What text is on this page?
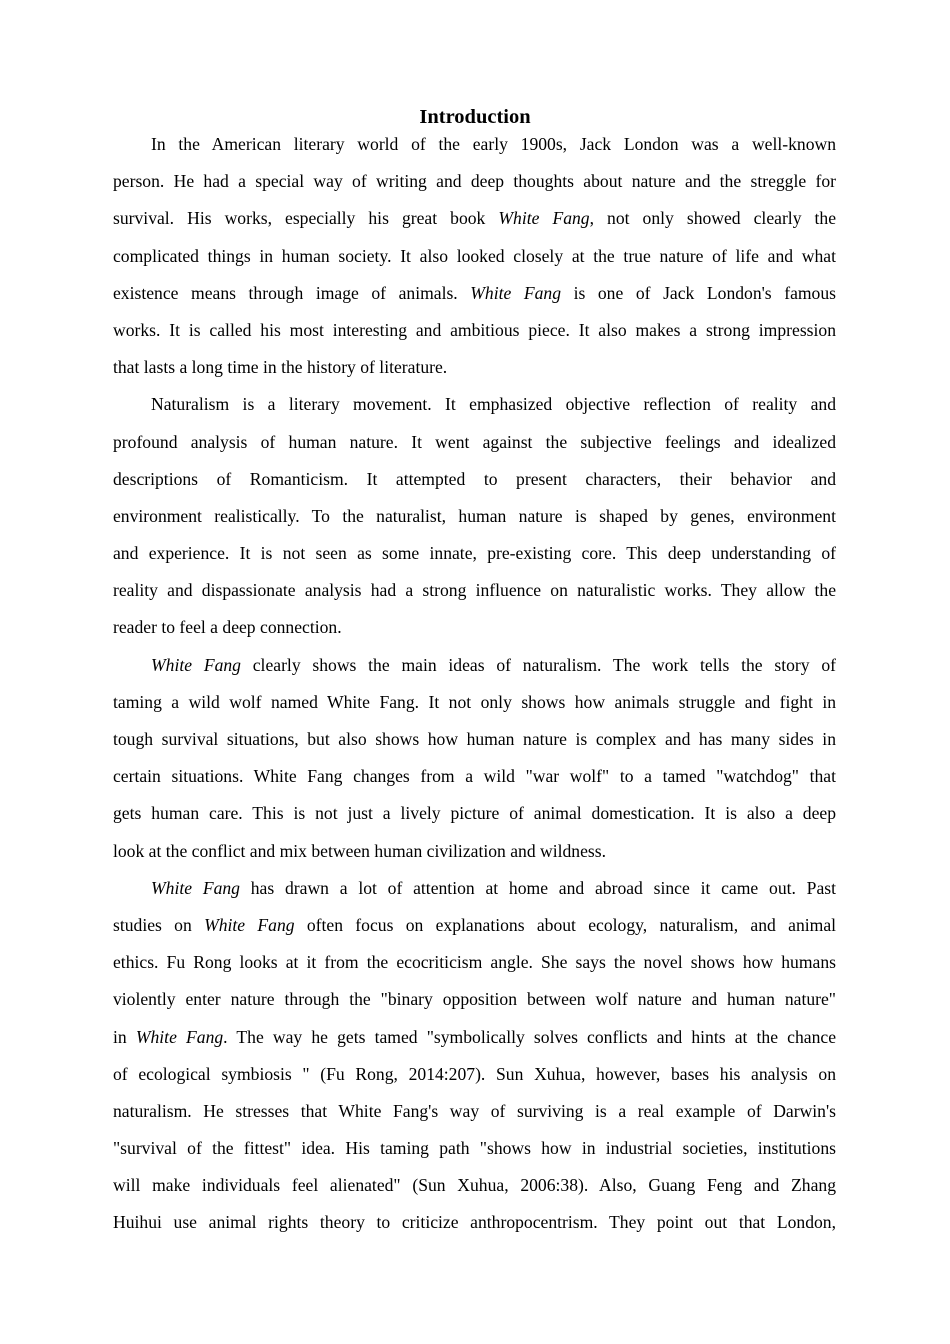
Introduction
In the American literary world of the early 1900s, Jack London was a well-known
person. He had a special way of writing and deep thoughts about nature and the streggle for
survival. His works, especially his great book White Fang, not only showed clearly the
complicated things in human society. It also looked closely at the true nature of life and what
existence means through image of animals. White Fang is one of Jack London's famous
works. It is called his most interesting and ambitious piece. It also makes a strong impression
that lasts a long time in the history of literature.
Naturalism is a literary movement. It emphasized objective reflection of reality and
profound analysis of human nature. It went against the subjective feelings and idealized
descriptions of Romanticism. It attempted to present characters, their behavior and
environment realistically. To the naturalist, human nature is shaped by genes, environment
and experience. It is not seen as some innate, pre-existing core. This deep understanding of
reality and dispassionate analysis had a strong influence on naturalistic works. They allow the
reader to feel a deep connection.
White Fang clearly shows the main ideas of naturalism. The work tells the story of
taming a wild wolf named White Fang. It not only shows how animals struggle and fight in
tough survival situations, but also shows how human nature is complex and has many sides in
certain situations. White Fang changes from a wild "war wolf" to a tamed "watchdog" that
gets human care. This is not just a lively picture of animal domestication. It is also a deep
look at the conflict and mix between human civilization and wildness.
White Fang has drawn a lot of attention at home and abroad since it came out. Past
studies on White Fang often focus on explanations about ecology, naturalism, and animal
ethics. Fu Rong looks at it from the ecocriticism angle. She says the novel shows how humans
violently enter nature through the "binary opposition between wolf nature and human nature"
in White Fang. The way he gets tamed "symbolically solves conflicts and hints at the chance
of ecological symbiosis " (Fu Rong, 2014:207). Sun Xuhua, however, bases his analysis on
naturalism. He stresses that White Fang's way of surviving is a real example of Darwin's
"survival of the fittest" idea. His taming path "shows how in industrial societies, institutions
will make individuals feel alienated" (Sun Xuhua, 2006:38). Also, Guang Feng and Zhang
Huihui use animal rights theory to criticize anthropocentrism. They point out that London,
